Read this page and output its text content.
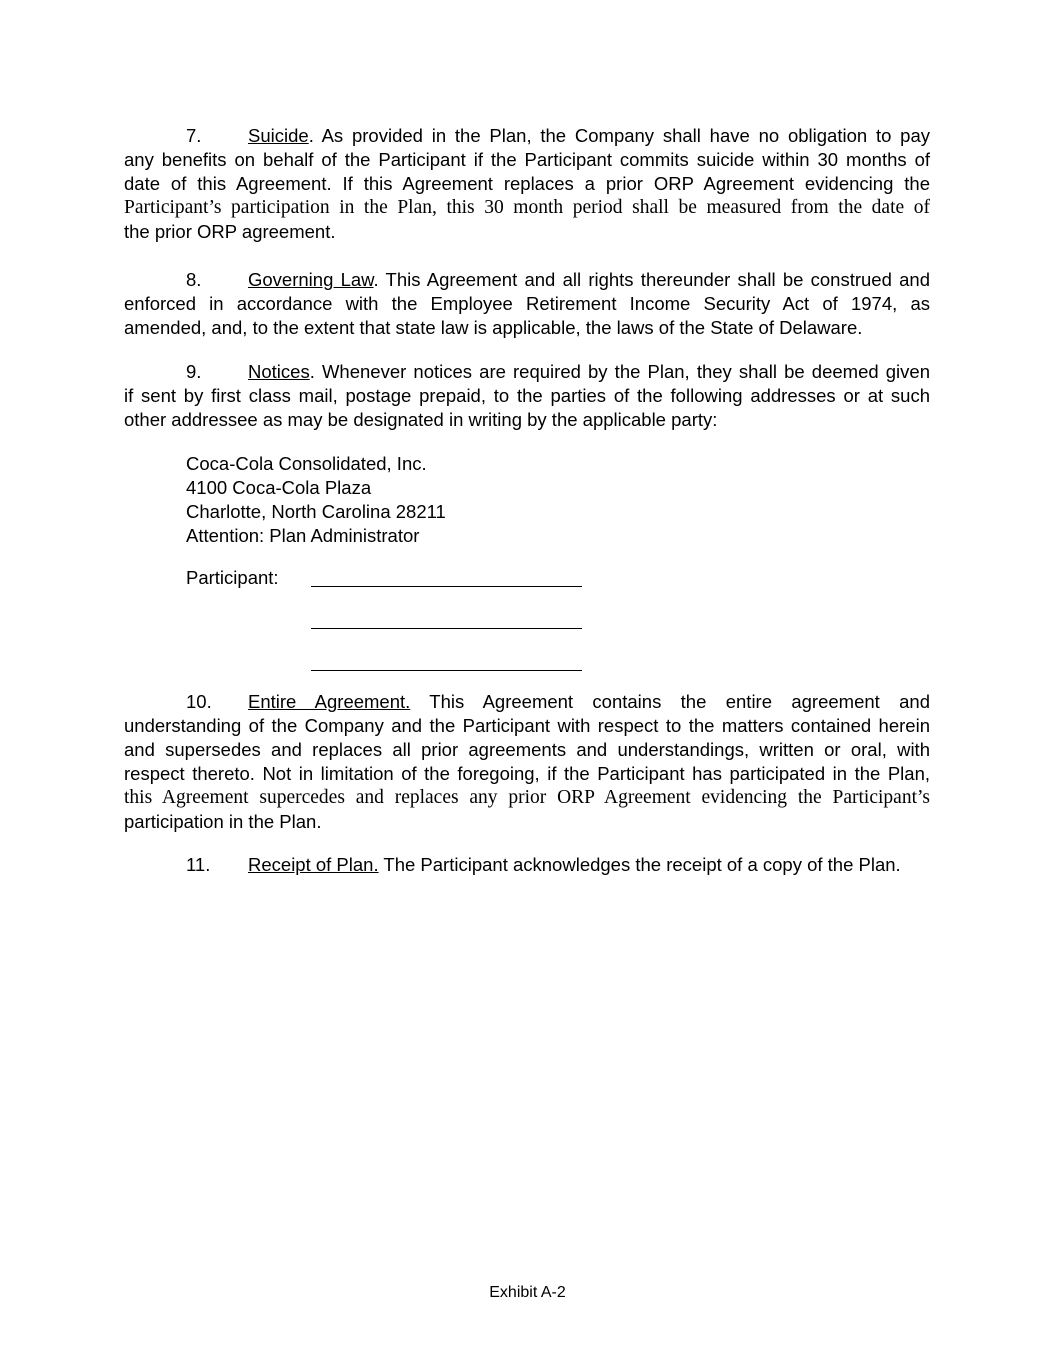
7.	Suicide. As provided in the Plan, the Company shall have no obligation to pay
any benefits on behalf of the Participant if the Participant commits suicide within 30 months of
date of this Agreement. If this Agreement replaces a prior ORP Agreement evidencing the
Participant’s participation in the Plan, this 30 month period shall be measured from the date of
the prior ORP agreement.
8.	Governing Law. This Agreement and all rights thereunder shall be construed and
enforced in accordance with the Employee Retirement Income Security Act of 1974, as
amended, and, to the extent that state law is applicable, the laws of the State of Delaware.
9.	Notices. Whenever notices are required by the Plan, they shall be deemed given
if sent by first class mail, postage prepaid, to the parties of the following addresses or at such
other addressee as may be designated in writing by the applicable party:
Coca-Cola Consolidated, Inc.
4100 Coca-Cola Plaza
Charlotte, North Carolina 28211
Attention: Plan Administrator
Participant:
10. Entire Agreement. This Agreement contains the entire agreement and
understanding of the Company and the Participant with respect to the matters contained herein
and supersedes and replaces all prior agreements and understandings, written or oral, with
respect thereto. Not in limitation of the foregoing, if the Participant has participated in the Plan,
this Agreement supercedes and replaces any prior ORP Agreement evidencing the Participant’s
participation in the Plan.
11. Receipt of Plan. The Participant acknowledges the receipt of a copy of the Plan.
Exhibit A-2
